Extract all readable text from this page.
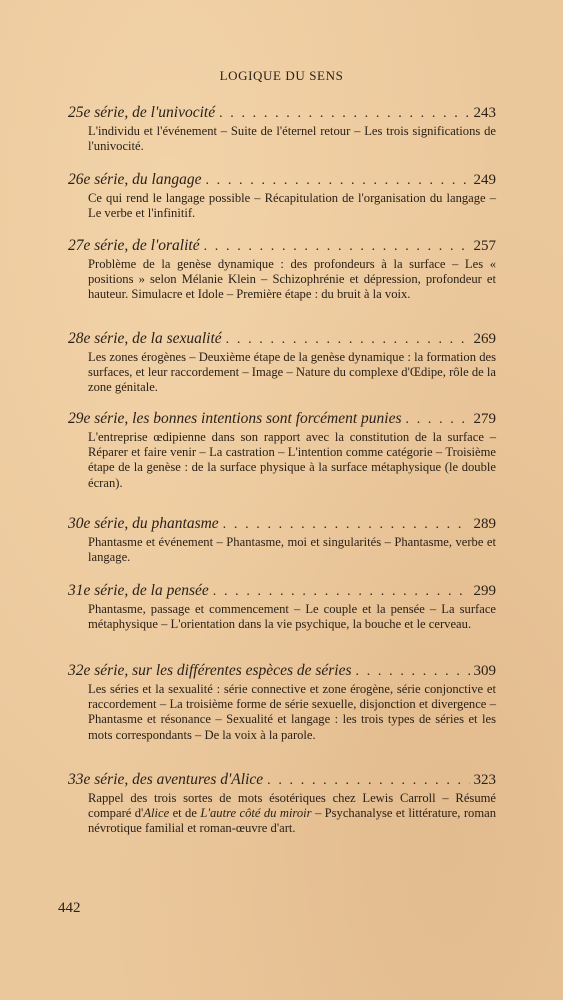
LOGIQUE DU SENS
25e série, de l'univocité . . .	243

L'individu et l'événement – Suite de l'éternel retour – Les trois significations de l'univocité.

26e série, du langage . . .	249

Ce qui rend le langage possible – Récapitulation de l'organisation du langage – Le verbe et l'infinitif.

27e série, de l'oralité . . .	257

Problème de la genèse dynamique : des profondeurs à la surface – Les « positions » selon Mélanie Klein – Schizophrénie et dépression, profondeur et hauteur. Simulacre et Idole – Première étape : du bruit à la voix.

28e série, de la sexualité . . .	269

Les zones érogènes – Deuxième étape de la genèse dynamique : la formation des surfaces, et leur raccordement – Image – Nature du complexe d'Œdipe, rôle de la zone génitale.

29e série, les bonnes intentions sont forcément punies . . .	279

L'entreprise œdipienne dans son rapport avec la constitution de la surface – Réparer et faire venir – La castration – L'intention comme catégorie – Troisième étape de la genèse : de la surface physique à la surface métaphysique (le double écran).

30e série, du phantasme . . .	289

Phantasme et événement – Phantasme, moi et singularités – Phantasme, verbe et langage.

31e série, de la pensée . . .	299

Phantasme, passage et commencement – Le couple et la pensée – La surface métaphysique – L'orientation dans la vie psychique, la bouche et le cerveau.

32e série, sur les différentes espèces de séries . . .	309

Les séries et la sexualité : série connective et zone érogène, série conjonctive et raccordement – La troisième forme de série sexuelle, disjonction et divergence – Phantasme et résonance – Sexualité et langage : les trois types de séries et les mots correspondants – De la voix à la parole.

33e série, des aventures d'Alice . . .	323

Rappel des trois sortes de mots ésotériques chez Lewis Carroll – Résumé comparé d'Alice et de L'autre côté du miroir – Psychanalyse et littérature, roman névrotique familial et roman-œuvre d'art.

442
